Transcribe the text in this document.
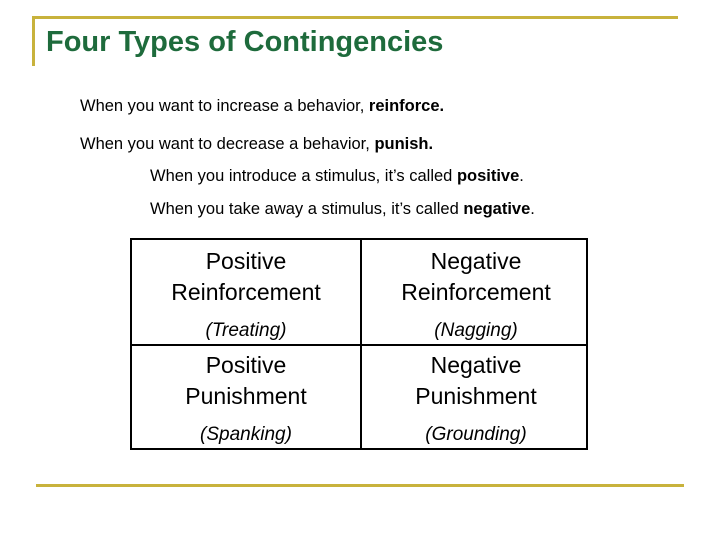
Four Types of Contingencies
When you want to increase a behavior, reinforce.
When you want to decrease a behavior, punish.
When you introduce a stimulus, it’s called positive.
When you take away a stimulus, it’s called negative.
Positive
Reinforcement
(Treating)
Negative
Reinforcement
(Nagging)
Positive
Punishment
(Spanking)
Negative
Punishment
(Grounding)
